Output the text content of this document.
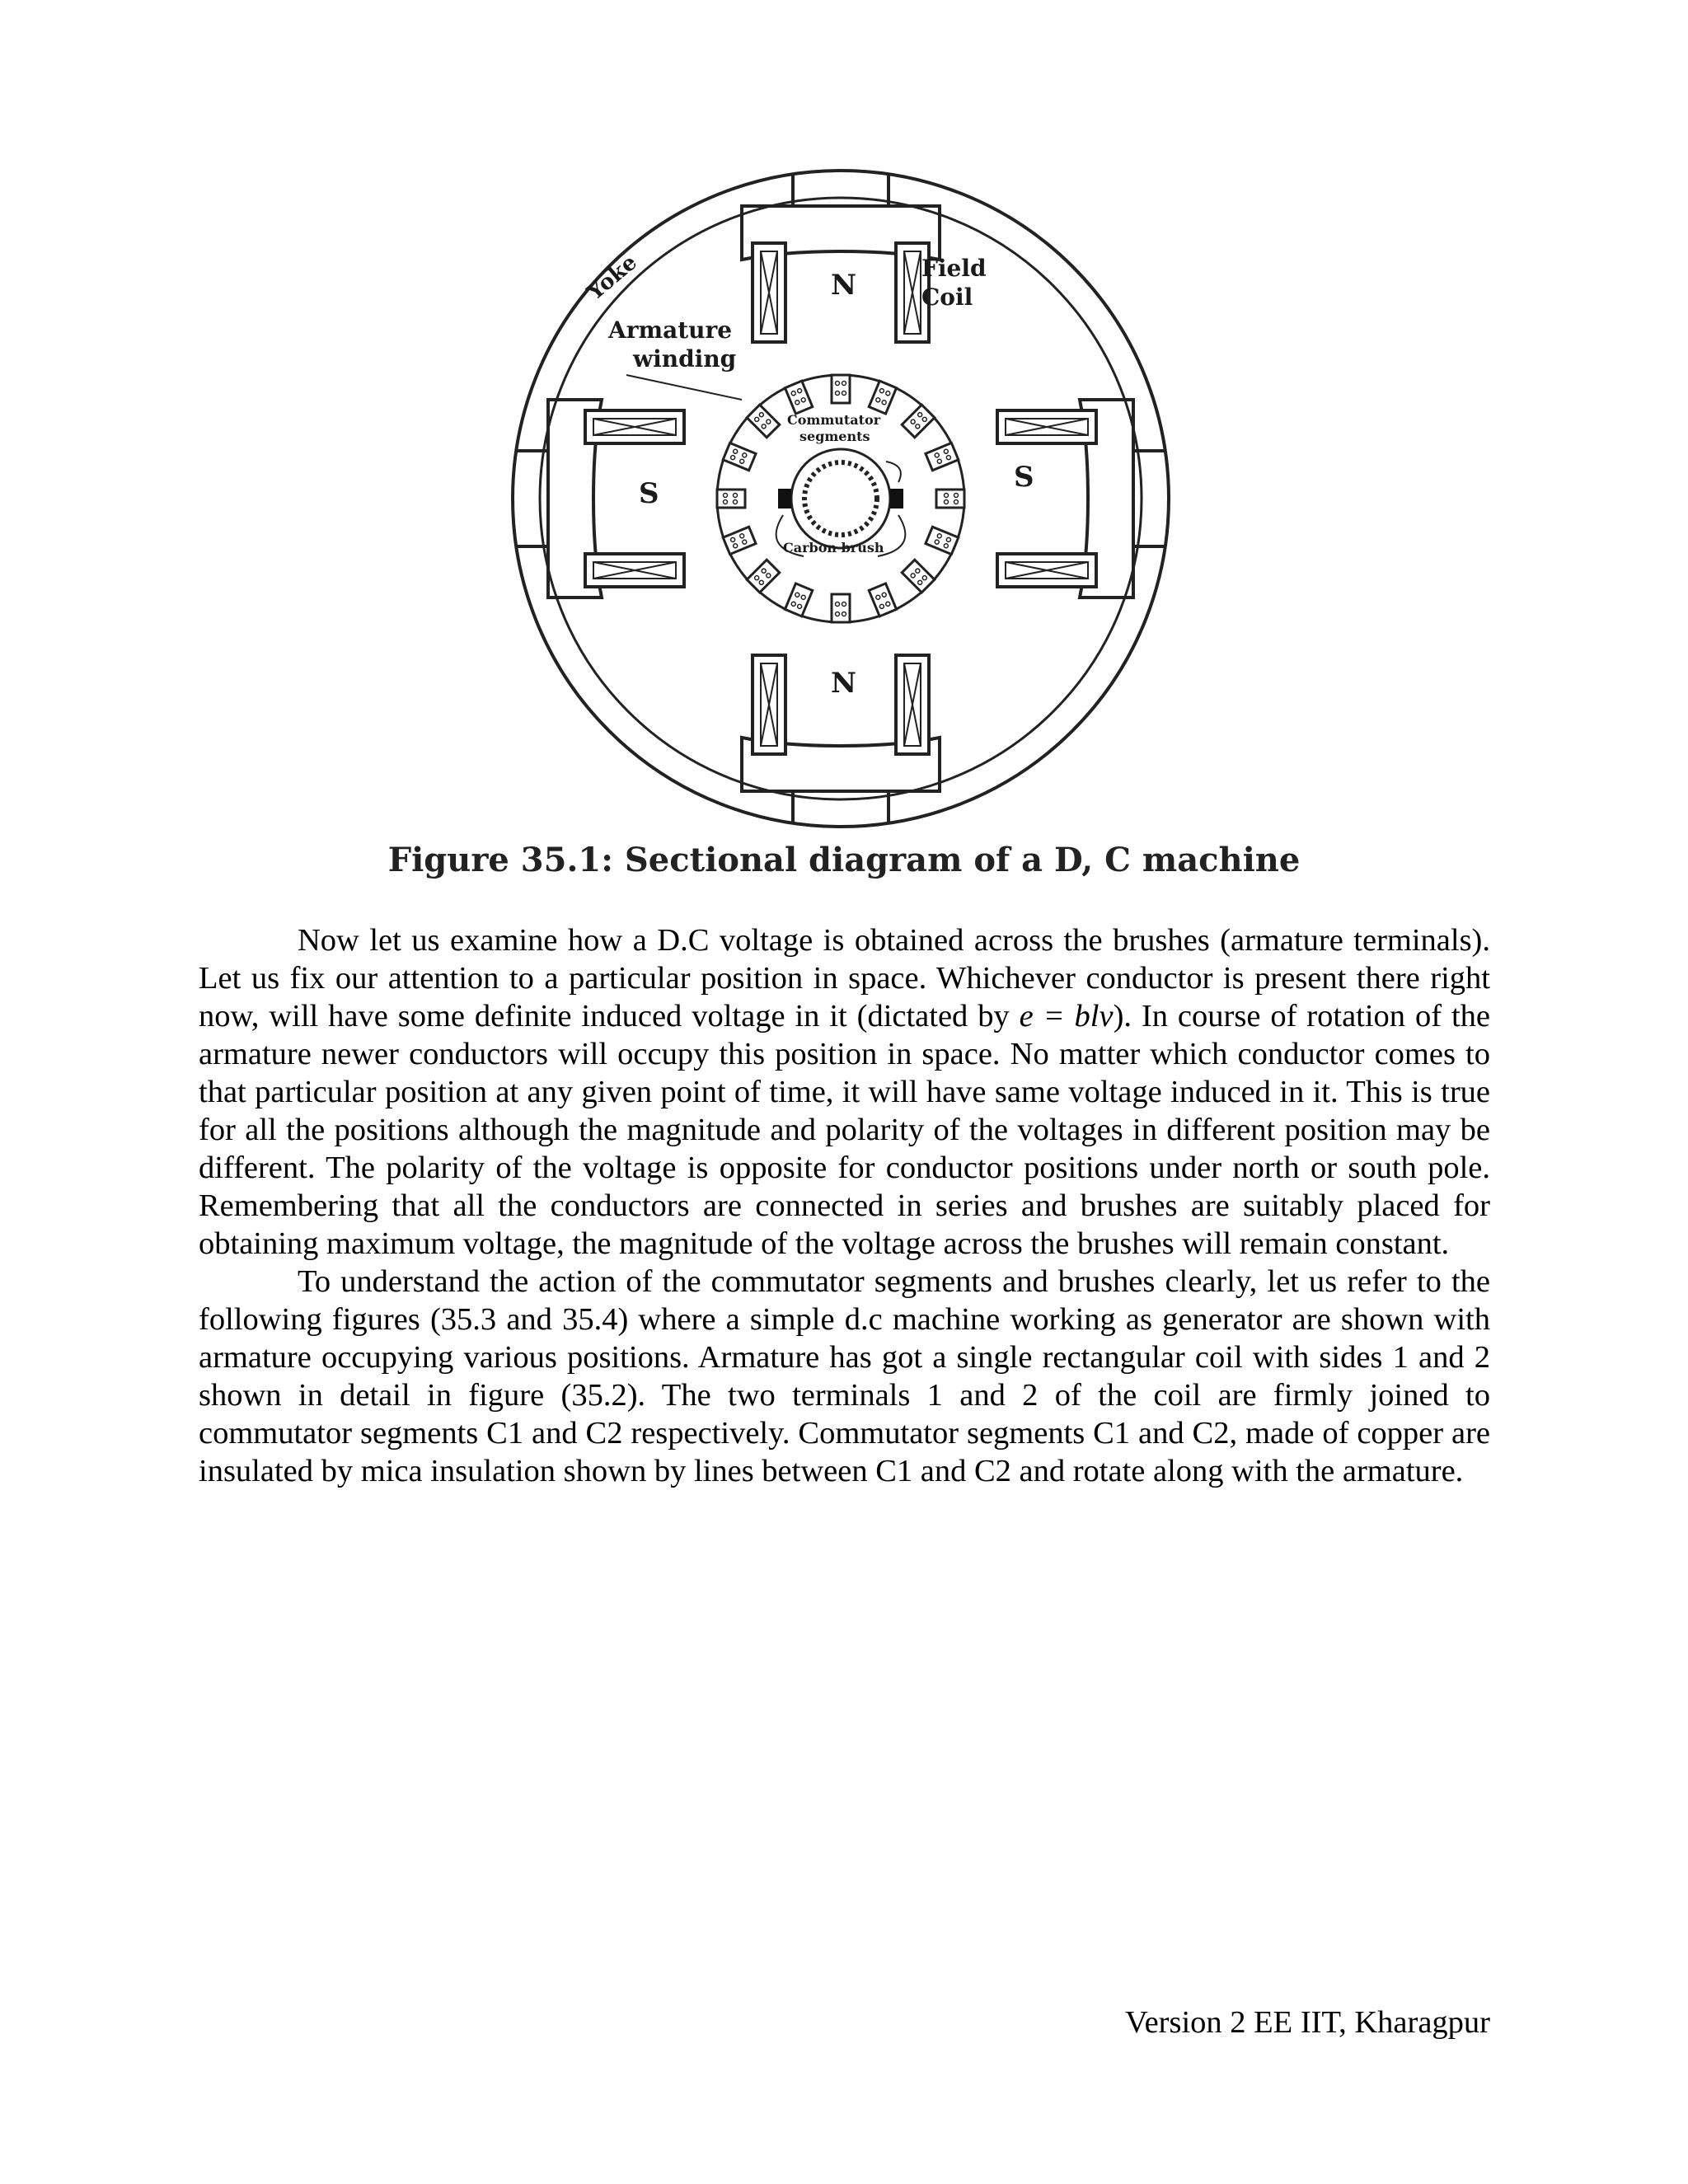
Yoke	Field
Coil
Armature
winding
Commutator
segments
Carbon brush
N
N
S	S
Figure 35.1: Sectional diagram of a D, C machine

Now let us examine how a D.C voltage is obtained across the brushes (armature terminals). Let us fix our attention to a particular position in space. Whichever conductor is present there right now, will have some definite induced voltage in it (dictated by e = blv). In course of rotation of the armature newer conductors will occupy this position in space. No matter which conductor comes to that particular position at any given point of time, it will have same voltage induced in it. This is true for all the positions although the magnitude and polarity of the voltages in different position may be different. The polarity of the voltage is opposite for conductor positions under north or south pole. Remembering that all the conductors are connected in series and brushes are suitably placed for obtaining maximum voltage, the magnitude of the voltage across the brushes will remain constant.

To understand the action of the commutator segments and brushes clearly, let us refer to the following figures (35.3 and 35.4) where a simple d.c machine working as generator are shown with armature occupying various positions. Armature has got a single rectangular coil with sides 1 and 2 shown in detail in figure (35.2). The two terminals 1 and 2 of the coil are firmly joined to commutator segments C1 and C2 respectively. Commutator segments C1 and C2, made of copper are insulated by mica insulation shown by lines between C1 and C2 and rotate along with the armature.

Version 2 EE IIT, Kharagpur
